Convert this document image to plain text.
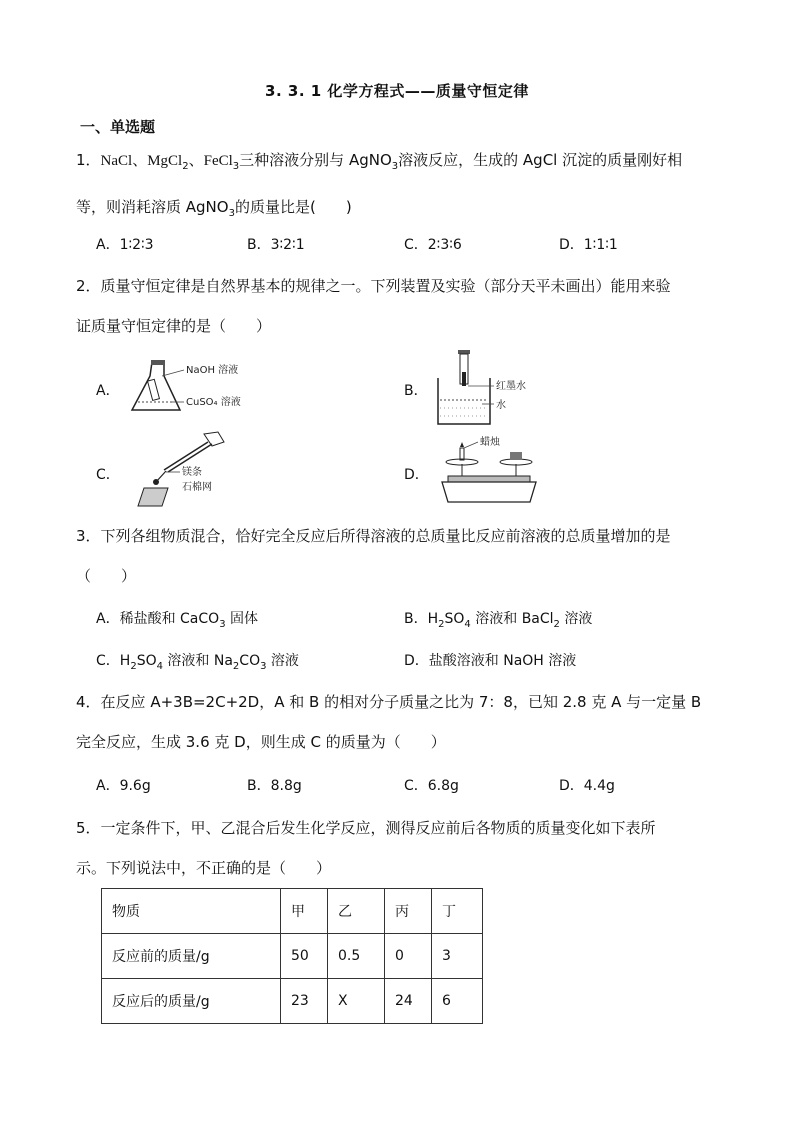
3. 3. 1 化学方程式——质量守恒定律
一、单选题
1．NaCl、MgCl$_2$、FeCl$_3$三种溶液分别与 AgNO$_3$溶液反应，生成的 AgCl 沉淀的质量刚好相
等，则消耗溶质 AgNO$_3$的质量比是(　　)
A．1∶2∶3	B．3∶2∶1	C．2∶3∶6	D．1∶1∶1
2．质量守恒定律是自然界基本的规律之一。下列装置及实验（部分天平未画出）能用来验
证质量守恒定律的是（　　）
A．	B．
C．	D．
NaOH 溶液
CuSO₄ 溶液
红墨水
水
镁条
石棉网
蜡烛
3．下列各组物质混合，恰好完全反应后所得溶液的总质量比反应前溶液的总质量增加的是
（　　）
A．稀盐酸和 CaCO$_3$ 固体	B．$H_2SO_4$ 溶液和 BaCl$_2$ 溶液
C．$H_2SO_4$ 溶液和 $Na_2CO_3$ 溶液	D．盐酸溶液和 NaOH 溶液
4．在反应 A+3B=2C+2D，A 和 B 的相对分子质量之比为 7：8，已知 2.8 克 A 与一定量 B
完全反应，生成 3.6 克 D，则生成 C 的质量为（　　）
A．9.6g	B．8.8g	C．6.8g	D．4.4g
5．一定条件下，甲、乙混合后发生化学反应，测得反应前后各物质的质量变化如下表所
示。下列说法中，不正确的是（　　）
物质	甲	乙	丙	丁
反应前的质量/g	50	0.5	0	3
反应后的质量/g	23	X	24	6
